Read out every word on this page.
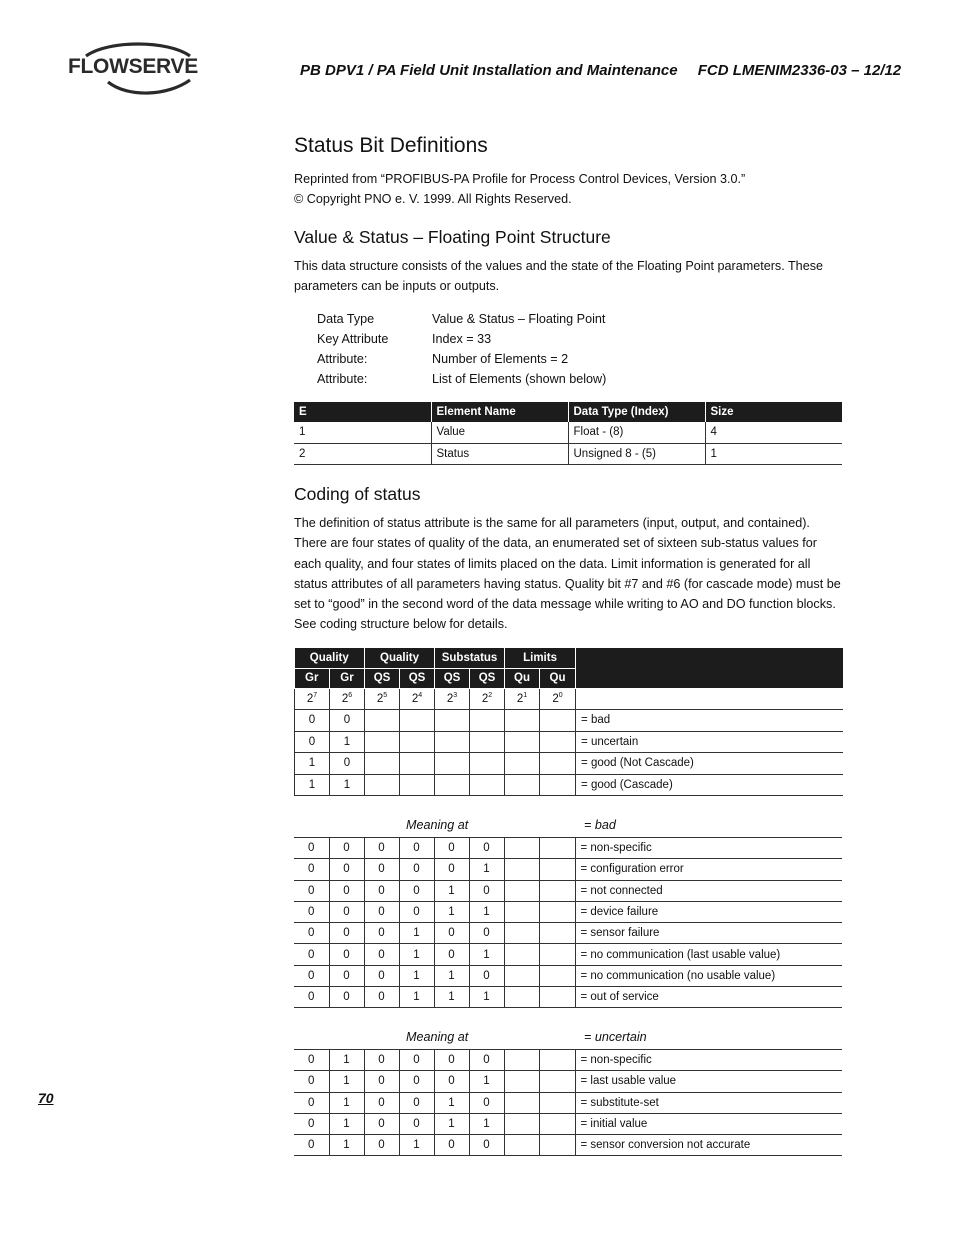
FLOWSERVE	PB DPV1 / PA Field Unit Installation and Maintenance FCD LMENIM2336-03 – 12/12
Status Bit Definitions

Reprinted from “PROFIBUS-PA Profile for Process Control Devices, Version 3.0.”
© Copyright PNO e. V. 1999. All Rights Reserved.

Value & Status – Floating Point Structure

This data structure consists of the values and the state of the Floating Point parameters. These parameters can be inputs or outputs.

Data Type	Value & Status – Floating Point
Key Attribute	Index = 33
Attribute:	Number of Elements = 2
Attribute:	List of Elements (shown below)
E	Element Name	Data Type (Index)	Size
1	Value	Float - (8)	4
2	Status	Unsigned 8 - (5)	1
Coding of status

The definition of status attribute is the same for all parameters (input, output, and contained). There are four states of quality of the data, an enumerated set of sixteen sub-status values for each quality, and four states of limits placed on the data. Limit information is generated for all status attributes of all parameters having status. Quality bit #7 and #6 (for cascade mode) must be set to “good” in the second word of the data message while writing to AO and DO function blocks. See coding structure below for details.

Quality		Quality		Substatus		Limits		
Gr	Gr	QS	QS	QS	QS	Qu	Qu	
$2^7$	$2^6$	$2^5$	$2^4$	$2^3$	$2^2$	$2^1$	$2^0$	
0	0							= bad
0	1							= uncertain
1	0							= good (Not Cascade)
1	1							= good (Cascade)
Meaning at	= bad
0	0	0	0	0	0			= non-specific
0	0	0	0	0	1			= configuration error
0	0	0	0	1	0			= not connected
0	0	0	0	1	1			= device failure
0	0	0	1	0	0			= sensor failure
0	0	0	1	0	1			= no communication (last usable value)
0	0	0	1	1	0			= no communication (no usable value)
0	0	0	1	1	1			= out of service
Meaning at	= uncertain
0	1	0	0	0	0			= non-specific
0	1	0	0	0	1			= last usable value
0	1	0	0	1	0			= substitute-set
0	1	0	0	1	1			= initial value
0	1	0	1	0	0			= sensor conversion not accurate
70
